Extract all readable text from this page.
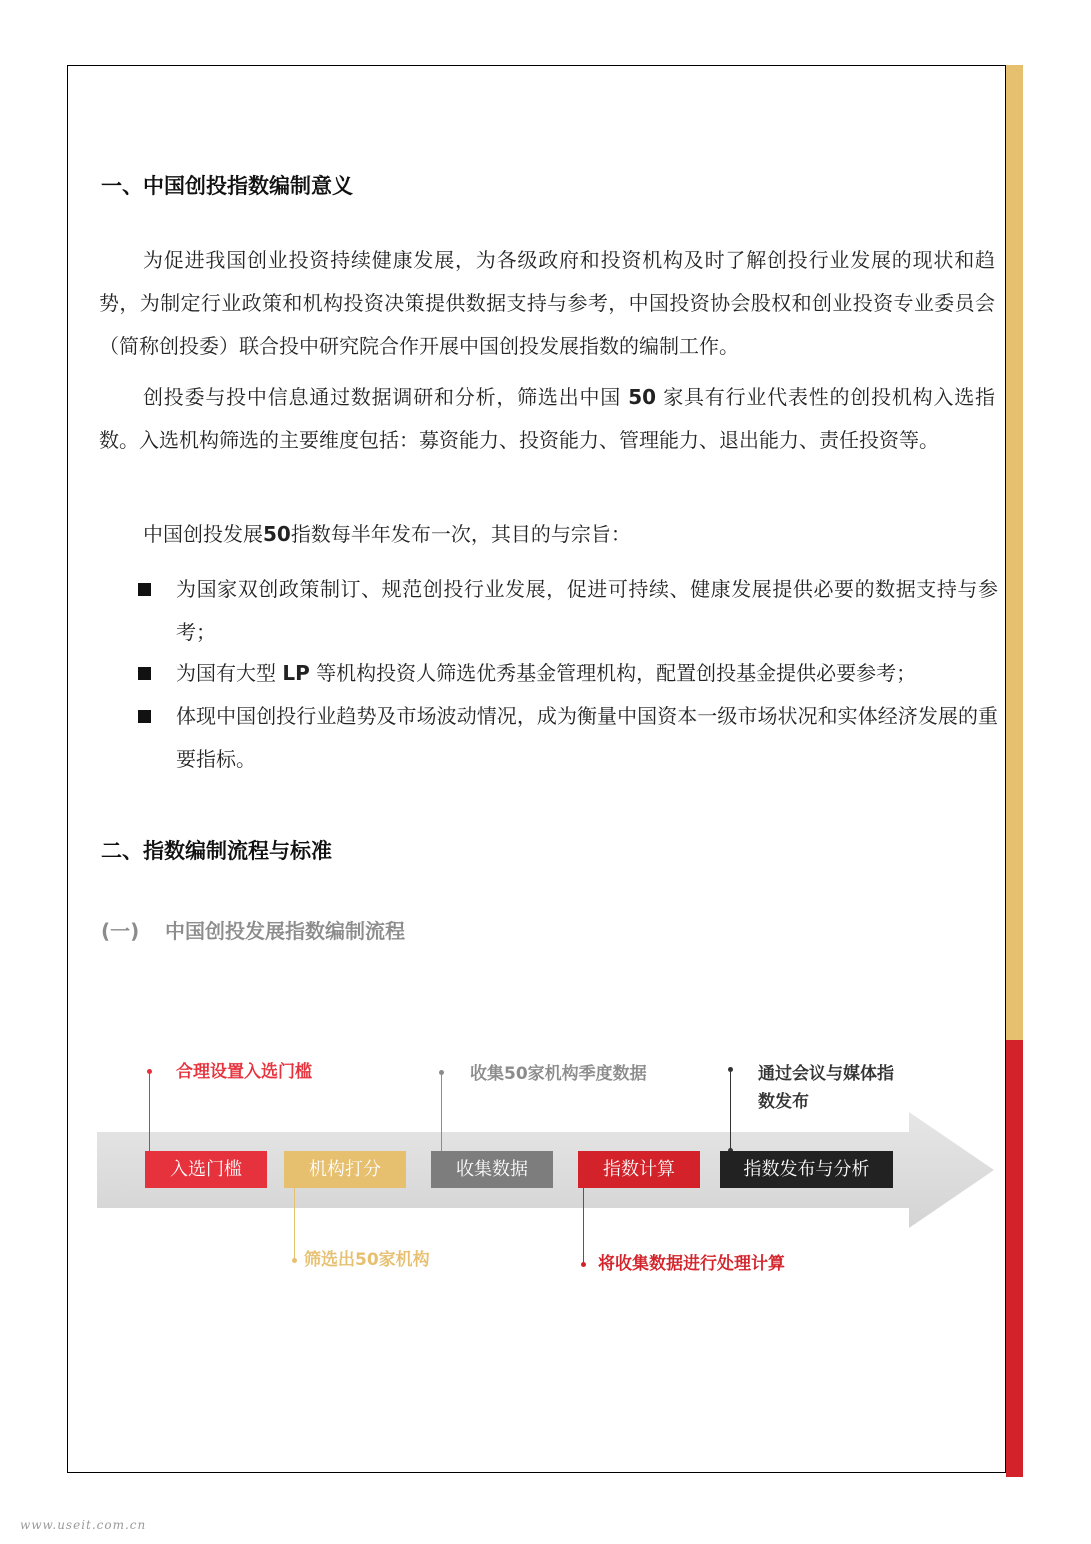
一、中国创投指数编制意义

为促进我国创业投资持续健康发展，为各级政府和投资机构及时了解创投行业发展的现状和趋势，为制定行业政策和机构投资决策提供数据支持与参考，中国投资协会股权和创业投资专业委员会（简称创投委）联合投中研究院合作开展中国创投发展指数的编制工作。

创投委与投中信息通过数据调研和分析，筛选出中国 50 家具有行业代表性的创投机构入选指数。入选机构筛选的主要维度包括：募资能力、投资能力、管理能力、退出能力、责任投资等。

中国创投发展50指数每半年发布一次，其目的与宗旨：

为国家双创政策制订、规范创投行业发展，促进可持续、健康发展提供必要的数据支持与参考；
为国有大型 LP 等机构投资人筛选优秀基金管理机构，配置创投基金提供必要参考；
体现中国创投行业趋势及市场波动情况，成为衡量中国资本一级市场状况和实体经济发展的重要指标。
二、指数编制流程与标准
(一) 中国创投发展指数编制流程
入选门槛	机构打分	收集数据	指数计算	指数发布与分析
合理设置入选门槛	收集50家机构季度数据	通过会议与媒体指
数发布
筛选出50家机构	将收集数据进行处理计算
www.useit.com.cn
